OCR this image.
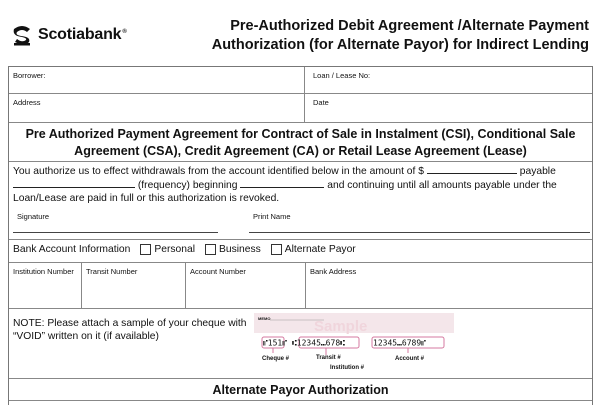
Scotiabank®	Pre-Authorized Debit Agreement /Alternate Payment
Authorization (for Alternate Payor) for Indirect Lending
Borrower:	Loan / Lease No:
Address	Date
Pre Authorized Payment Agreement for Contract of Sale in Instalment (CSI), Conditional Sale
Agreement (CSA), Credit Agreement (CA) or Retail Lease Agreement (Lease)
You authorize us to effect withdrawals from the account identified below in the amount of $	payable
(frequency) beginning	and continuing until all amounts payable under the
Loan/Lease are paid in full or this authorization is revoked.
Signature	Print Name
Bank Account Information Personal Business Alternate Payor
Institution Number	Transit Number	Account Number	Bank Address
NOTE: Please attach a sample of your cheque with “VOID” written on it (if available)
MEMO	Sample
⑈151⑈ ⑆12345⑉678⑆	12345⑉6789⑈
Cheque #	Transit #
Institution #
Account #
Alternate Payor Authorization
